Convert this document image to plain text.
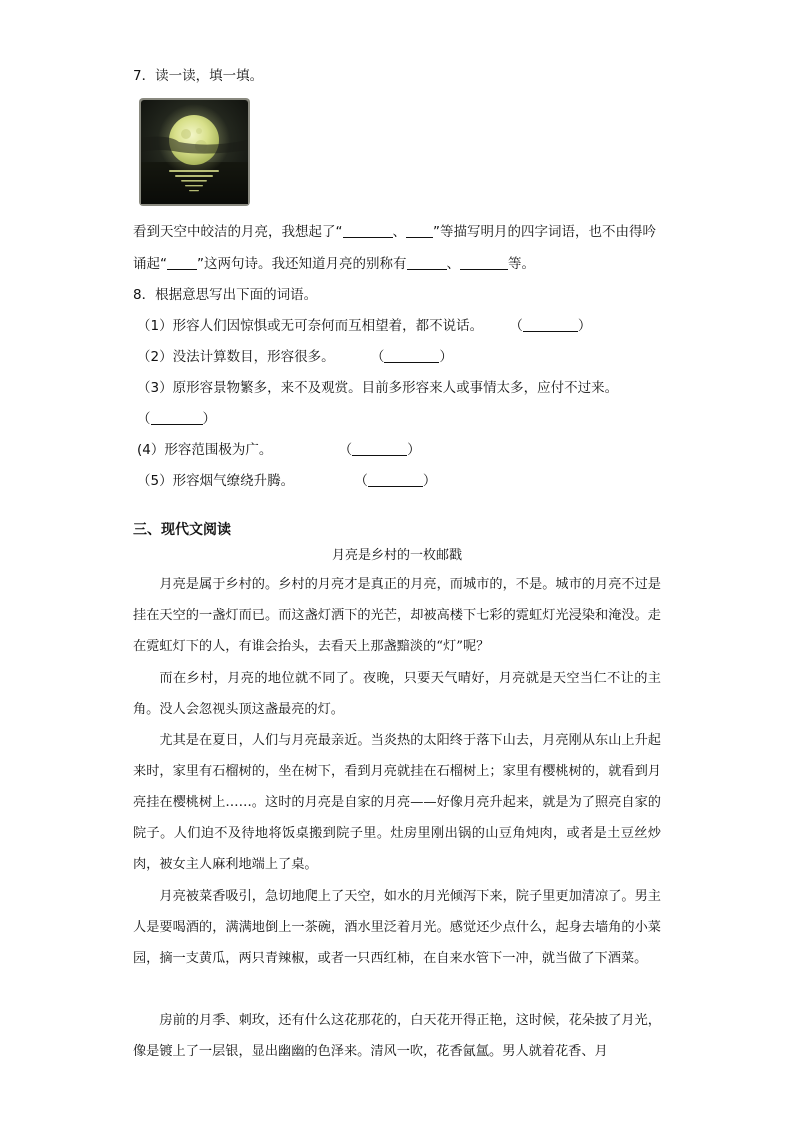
7．读一读，填一填。
看到天空中皎洁的月亮，我想起了“	、 ”等描写明月的四字词语，也不由得吟
诵起“ ”这两句诗。我还知道月亮的别称有	、	等。
8．根据意思写出下面的词语。
（1）形容人们因惊惧或无可奈何而互相望着，都不说话。 （	）
（2）没法计算数目，形容很多。	（	）
（3）原形容景物繁多，来不及观赏。目前多形容来人或事情太多，应付不过来。
（	）
(4）形容范围极为广。	（	）
（5）形容烟气缭绕升腾。	（	）
三、现代文阅读
月亮是乡村的一枚邮戳

月亮是属于乡村的。乡村的月亮才是真正的月亮，而城市的，不是。城市的月亮不过是挂在天空的一盏灯而已。而这盏灯洒下的光芒，却被高楼下七彩的霓虹灯光浸染和淹没。走在霓虹灯下的人，有谁会抬头，去看天上那盏黯淡的“灯”呢？

而在乡村，月亮的地位就不同了。夜晚，只要天气晴好，月亮就是天空当仁不让的主角。没人会忽视头顶这盏最亮的灯。

尤其是在夏日，人们与月亮最亲近。当炎热的太阳终于落下山去，月亮刚从东山上升起来时，家里有石榴树的，坐在树下，看到月亮就挂在石榴树上；家里有樱桃树的，就看到月亮挂在樱桃树上……。这时的月亮是自家的月亮——好像月亮升起来，就是为了照亮自家的院子。人们迫不及待地将饭桌搬到院子里。灶房里刚出锅的山豆角炖肉，或者是土豆丝炒肉，被女主人麻利地端上了桌。

月亮被菜香吸引，急切地爬上了天空，如水的月光倾泻下来，院子里更加清凉了。男主人是要喝酒的，满满地倒上一茶碗，酒水里泛着月光。感觉还少点什么，起身去墙角的小菜园，摘一支黄瓜，两只青辣椒，或者一只西红柿，在自来水管下一冲，就当做了下酒菜。

房前的月季、刺玫，还有什么这花那花的，白天花开得正艳，这时候，花朵披了月光，像是镀上了一层银，显出幽幽的色泽来。清风一吹，花香氤氲。男人就着花香、月
